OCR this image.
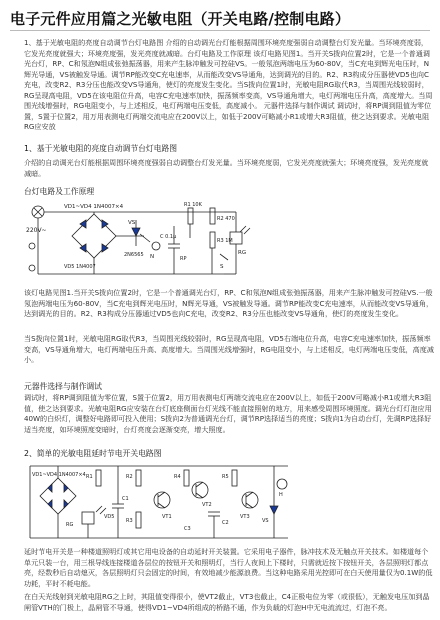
电子元件应用篇之光敏电阻（开关电路/控制电路）
1、基于光敏电阻的亮度自动调节台灯电路图 介绍的自动调光台灯能根据周围环境亮度强弱自动调整台灯发光量。当环境亮度弱，它发光亮度就强大；环境亮度强，发光亮度就减暗。台灯电路及工作原理 该灯电路见图1。当开关S拨向位置2时，它是一个普通调光台灯，RP、C和氖泡N组成张弛振荡器，用来产生脉冲触发可控硅VS。一般氖泡两端电压为60-80V，当C充电到辉光电压时，N辉光导通，VS被触发导通。调节RP能改变C充电速率，从而能改变VS导通角，达到调光的目的。R2、R3构成分压器使VD5也向C充电，改变R2、R3分压也能改变VS导通角，使灯的亮度发生变化。当S拨向位置1时，光敏电阻RG取代R3，当周围光线较弱时，RG呈现高电阻，VD5在该电阻位升高，电容C充电速率加快，振荡频率变高，VS导通角增大，电灯两端电压升高，高度增大。当周围光线增强时，RG电阻变小，与上述相反，电灯两端电压变低，高度减小。 元器件选择与制作调试 调试时，将RP调到阻值为零位置，S置于位置2，用万用表测电灯两端交流电应在200V以上，如低于200V可略减小R1或增大R3阻值，使之达到要求。光敏电阻RG应安放
1、基于光敏电阻的亮度自动调节台灯电路图
介绍的自动调光台灯能根据周围环境亮度强弱自动调整台灯发光量。当环境亮度弱，它发光亮度就强大；环境亮度强，发光亮度就减暗。
台灯电路及工作原理
220V~
VD1~VD4 1N4007×4
2N6565
VS
N
C 0.1μ
R1 10K
R2 470
R3 1M
RP
VD5 1N4007
RG
S
该灯电路见图1.当开关S拨向位置2时，它是一个普通调光台灯，RP、C和氖泡N组成张弛振荡器，用来产生脉冲触发可控硅VS.一般氖泡两端电压为60-80V，当C充电到辉光电压时，N辉光导通，VS被触发导通。调节RP能改变C充电速率，从而能改变VS导通角，达到调光的目的。R2、R3构成分压器通过VD5也向C充电，改变R2、R3分压也能改变VS导通角，使灯的亮度发生变化。
当S拨向位置1时，光敏电阻RG取代R3，当周围光线较弱时，RG呈现高电阻，VD5右端电位升高，电容C充电速率加快，振荡频率变高，VS导通角增大，电灯两端电压升高、高度增大。当周围光线增强时，RG电阻变小，与上述相反，电灯两端电压变低，高度减小。
元器件选择与制作调试
调试时，将RP调到阻值为零位置，S置于位置2，用万用表测电灯两端交流电应在200V以上，如低于200V可略减小R1或增大R3阻值，使之达到要求。光敏电阻RG应安装在台灯底座侧面台灯光线不能直接照射的地方，用来感受周围环境照度。调光台灯灯泡应用40W的白炽灯，调整好电路即可投入使用；S拨向2为普通调光台灯，调节RP选择适当的亮度；S拨向1为自动台灯，先调RP选择好适当亮度，如环境照度变暗时，台灯亮度会逐渐变亮，增大照度。
2、简单的光敏电阻延时节电开关电路图
VD1~VD4 1N4007×4 R1
C1
RG
R2
R3
R4	R5
VT1
VT2
VT3
C2
VD5
VS
H
C3
延时节电开关是一种楼道照明灯或其它用电设备的自动延时开关装置。它采用电子器件，脉冲技术及无触点开关技术。如楼道每个单元只装一台，用三根导线连接楼道各层位的按钮开关和照明灯，当行人夜间上下楼时，只需就近按下按钮开关，各层照明灯都点亮，经数秒后自动熄灭，各层照明灯只会固定的时间，有效地减少能源浪费。当这种电路采用光控即可在白天使用量仅为0.1W的低功耗，平时不耗电能。
在白天光线射到光敏电阻RG之上时，其阻值变得很小，使VT2截止，VT3也截止，C4正极电位为零（或很低），无触发电压加到晶闸管VTH的门极上，晶闸管不导通，使得VD1~VD4所组成的桥路不通，作为负载的灯泡H中无电流流过，灯泡不亮。
